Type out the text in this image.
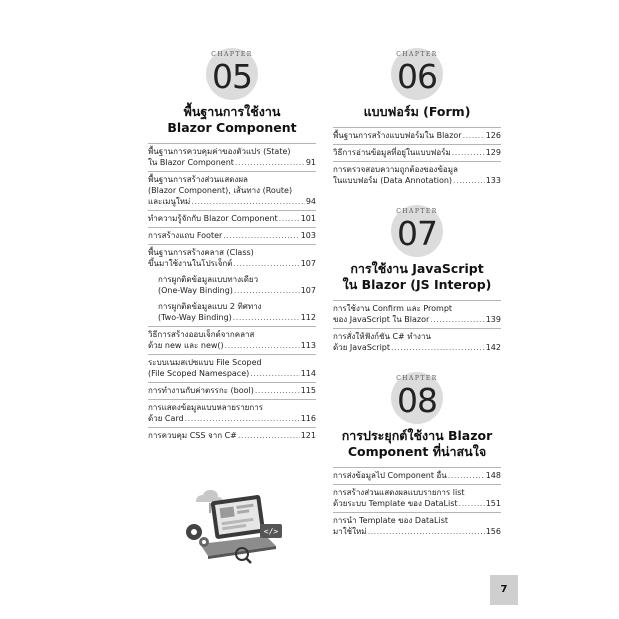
CHAPTER
05
พื้นฐานการใช้งาน
Blazor Component
พื้นฐานการควบคุมค่าของตัวแปร (State)
ใน Blazor Component .....	91
พื้นฐานการสร้างส่วนแสดงผล
(Blazor Component), เส้นทาง (Route)
และเมนูใหม่ .....	94
ทำความรู้จักกับ Blazor Component .....	101
การสร้างแถบ Footer .....	103
พื้นฐานการสร้างคลาส (Class)
ขึ้นมาใช้งานในโปรเจ็กต์ .....	107
การผูกติดข้อมูลแบบทางเดียว
(One-Way Binding) .....	107
การผูกติดข้อมูลแบบ 2 ทิศทาง
(Two-Way Binding) .....	112
วิธีการสร้างออบเจ็กต์จากคลาส
ด้วย new และ new() .....	113
ระบบเนมสเปซแบบ File Scoped
(File Scoped Namespace) .....	114
การทำงานกับค่าตรรกะ (bool) .....	115
การแสดงข้อมูลแบบหลายรายการ
ด้วย Card .....	116
การควบคุม CSS จาก C# .....	121
CHAPTER
06
แบบฟอร์ม (Form)
พื้นฐานการสร้างแบบฟอร์มใน Blazor .....	126
วิธีการอ่านข้อมูลที่อยู่ในแบบฟอร์ม .....	129
การตรวจสอบความถูกต้องของข้อมูล
ในแบบฟอร์ม (Data Annotation) .....	133
CHAPTER
07
การใช้งาน JavaScript
ใน Blazor (JS Interop)
การใช้งาน Confirm และ Prompt
ของ JavaScript ใน Blazor .....	139
การสั่งให้ฟังก์ชัน C# ทำงาน
ด้วย JavaScript .....	142
CHAPTER
08
การประยุกต์ใช้งาน Blazor
Component ที่น่าสนใจ
การส่งข้อมูลไป Component อื่น .....	148
การสร้างส่วนแสดงผลแบบรายการ list
ด้วยระบบ Template ของ DataList .....	151
การนำ Template ของ DataList
มาใช้ใหม่ .....	156
</>
7
